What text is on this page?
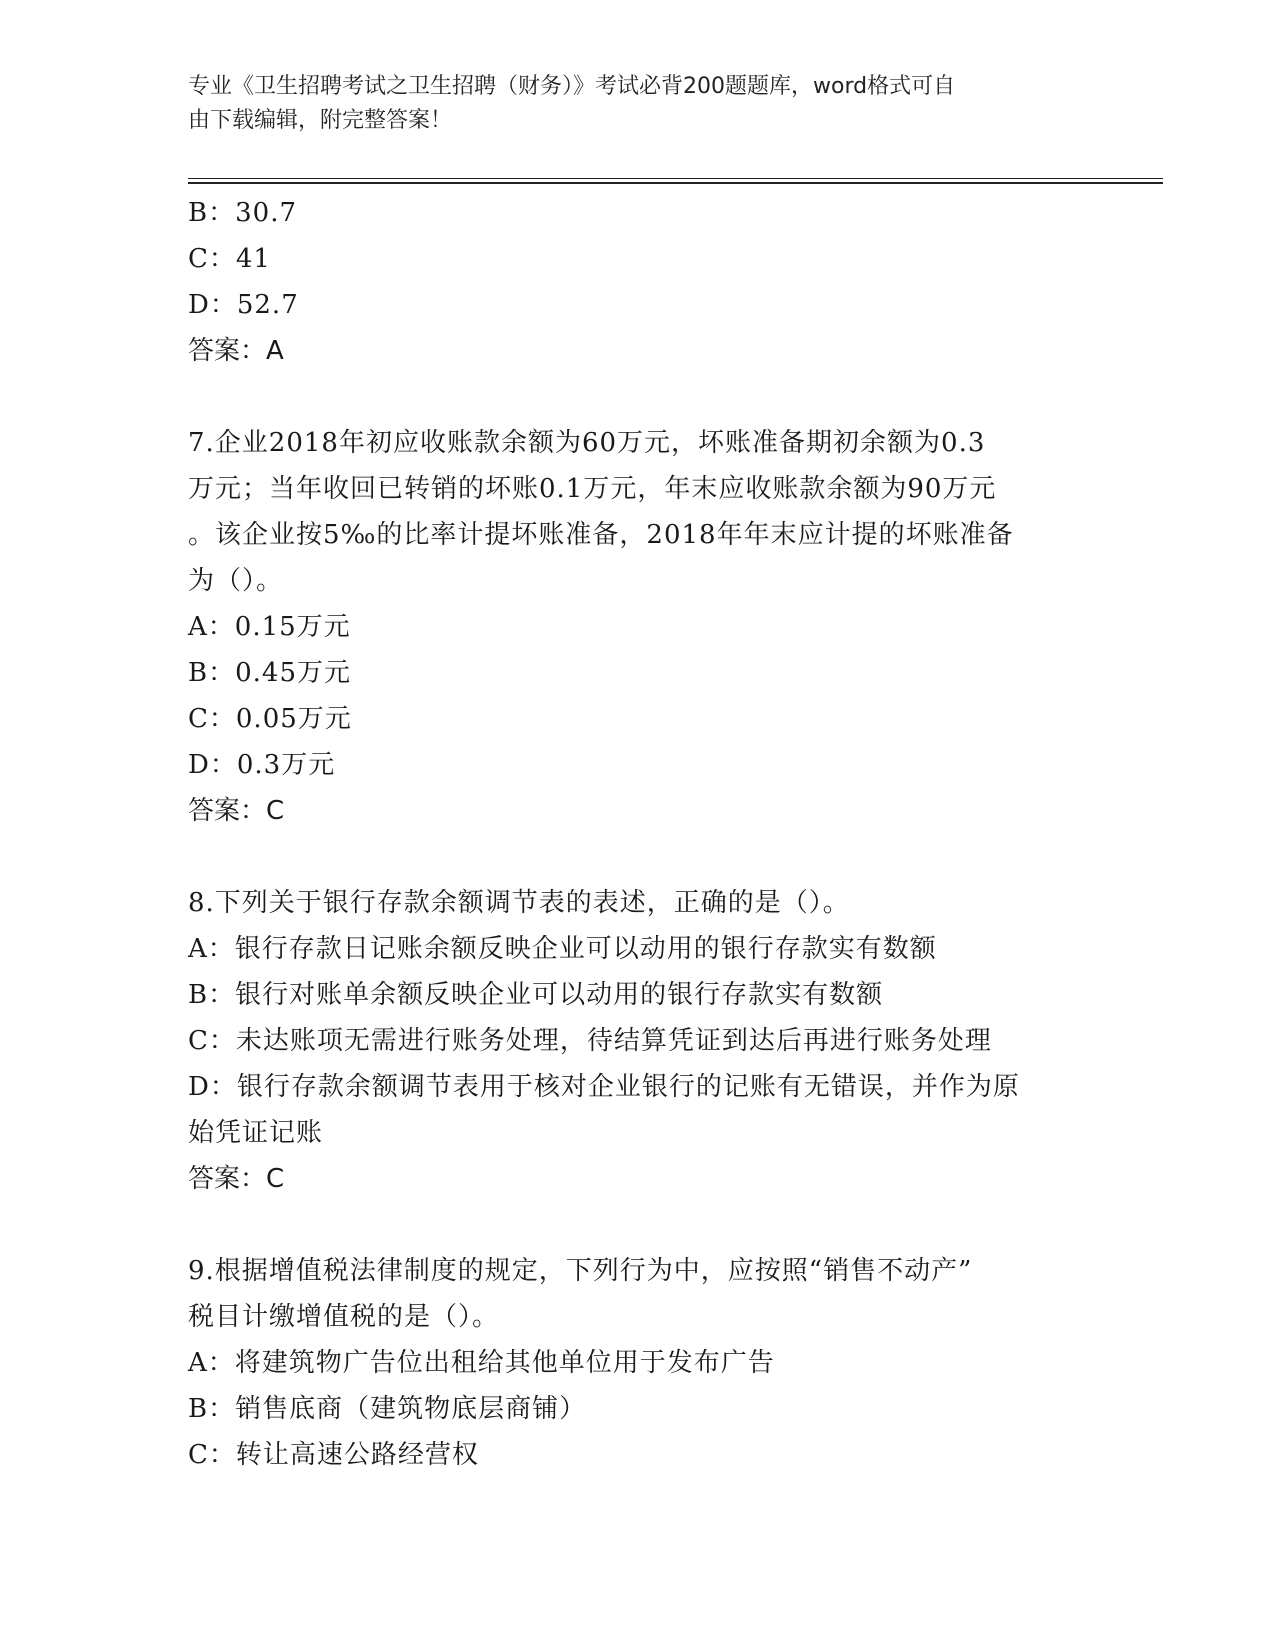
专业《卫生招聘考试之卫生招聘（财务）》考试必背200题题库，word格式可自
由下载编辑，附完整答案！
B：30.7
C：41
D：52.7
答案：A
7.企业2018年初应收账款余额为60万元，坏账准备期初余额为0.3
万元；当年收回已转销的坏账0.1万元，年末应收账款余额为90万元
。该企业按5‰的比率计提坏账准备，2018年年末应计提的坏账准备
为（）。
A：0.15万元
B：0.45万元
C：0.05万元
D：0.3万元
答案：C
8.下列关于银行存款余额调节表的表述，正确的是（）。
A：银行存款日记账余额反映企业可以动用的银行存款实有数额
B：银行对账单余额反映企业可以动用的银行存款实有数额
C：未达账项无需进行账务处理，待结算凭证到达后再进行账务处理
D：银行存款余额调节表用于核对企业银行的记账有无错误，并作为原
始凭证记账
答案：C
9.根据增值税法律制度的规定，下列行为中，应按照“销售不动产”
税目计缴增值税的是（）。
A：将建筑物广告位出租给其他单位用于发布广告
B：销售底商（建筑物底层商铺）
C：转让高速公路经营权
